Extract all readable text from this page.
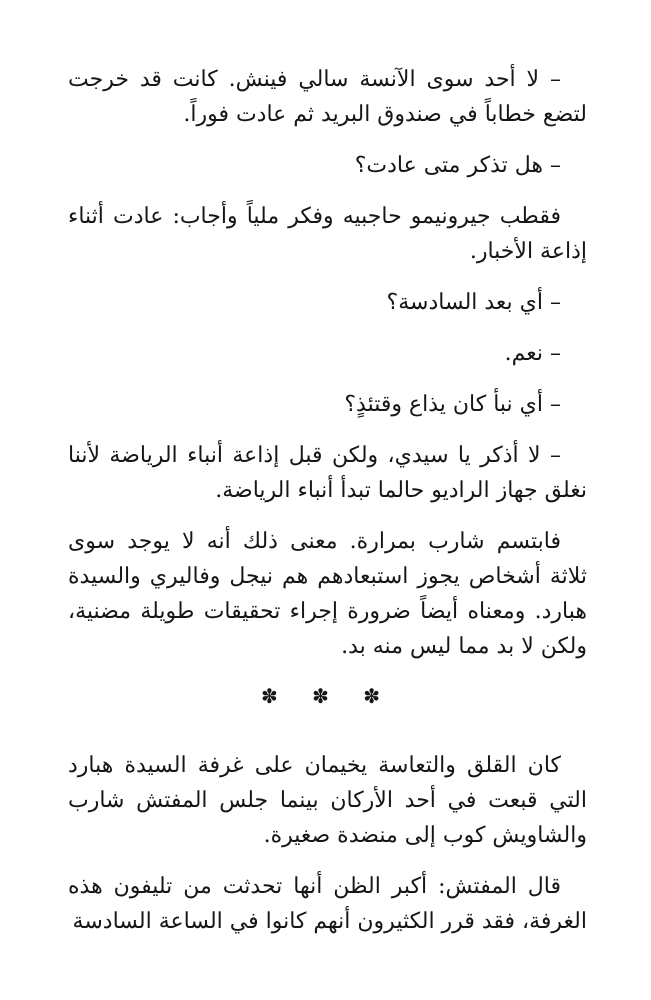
– لا أحد سوى الآنسة سالي فينش. كانت قد خرجت لتضع خطاباً في صندوق البريد ثم عادت فوراً.

– هل تذكر متى عادت؟

فقطب جيرونيمو حاجبيه وفكر ملياً وأجاب: عادت أثناء إذاعة الأخبار.

– أي بعد السادسة؟

– نعم.

– أي نبأ كان يذاع وقتئذٍ؟

– لا أذكر يا سيدي، ولكن قبل إذاعة أنباء الرياضة لأننا نغلق جهاز الراديو حالما تبدأ أنباء الرياضة.

فابتسم شارب بمرارة. معنى ذلك أنه لا يوجد سوى ثلاثة أشخاص يجوز استبعادهم هم نيجل وفاليري والسيدة هبارد. ومعناه أيضاً ضرورة إجراء تحقيقات طويلة مضنية، ولكن لا بد مما ليس منه بد.

✽ ✽ ✽

كان القلق والتعاسة يخيمان على غرفة السيدة هبارد التي قبعت في أحد الأركان بينما جلس المفتش شارب والشاويش كوب إلى منضدة صغيرة.

قال المفتش: أكبر الظن أنها تحدثت من تليفون هذه الغرفة، فقد قرر الكثيرون أنهم كانوا في الساعة السادسة
